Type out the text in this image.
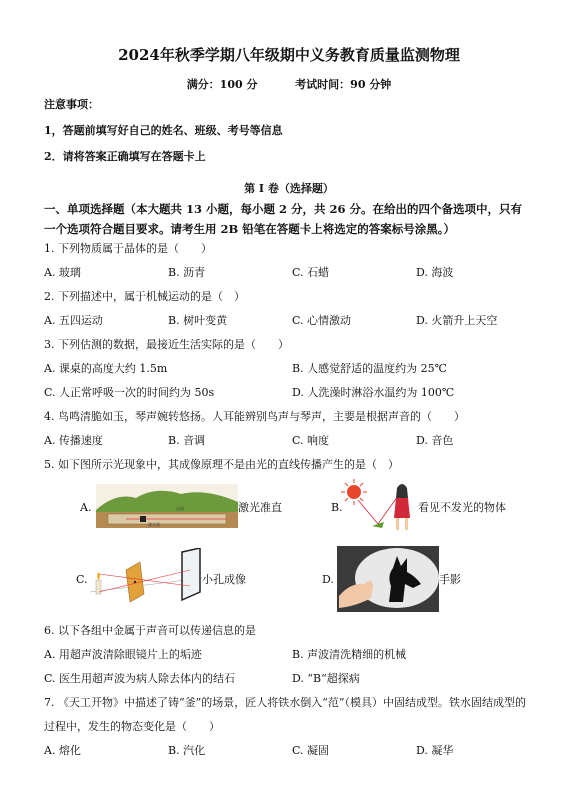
2024年秋季学期八年级期中义务教育质量监测物理
满分：100 分	考试时间：90 分钟
注意事项：
1，答题前填写好自己的姓名、班级、考号等信息
2．请将答案正确填写在答题卡上
第 I 卷（选择题）
一、单项选择题（本大题共 13 小题，每小题 2 分，共 26 分。在给出的四个备选项中，只有
一个选项符合题目要求。请考生用 2B 铅笔在答题卡上将选定的答案标号涂黑。）
1. 下列物质属于晶体的是（　　）
A. 玻璃	B. 沥青	C. 石蜡	D. 海波
2. 下列描述中，属于机械运动的是（　）
A. 五四运动	B. 树叶变黄	C. 心情激动	D. 火箭升上天空
3. 下列估测的数据，最接近生活实际的是（　　）
A. 课桌的高度大约 1.5m	B. 人感觉舒适的温度约为 25℃
C. 人正常呼吸一次的时间约为 50s	D. 人洗澡时淋浴水温约为 100℃
4. 鸟鸣清脆如玉，琴声婉转悠扬。人耳能辨别鸟声与琴声，主要是根据声音的（　　）
A. 传播速度	B. 音调	C. 响度	D. 音色
5. 如下图所示光现象中，其成像原理不是由光的直线传播产生的是（　）
A.	山体
激光器
激光准直	B.	看见不发光的物体
C.	小孔成像	D.	手影
6. 以下各组中金属于声音可以传递信息的是
A. 用超声波清除眼镜片上的垢迹	B. 声波清洗精细的机械
C. 医生用超声波为病人除去体内的结石	D. “B“超探病
7. 《天工开物》中描述了铸“釜”的场景，匠人将铁水倒入“范”（模具）中固结成型。铁水固结成型的
过程中，发生的物态变化是（　　）
A. 熔化	B. 汽化	C. 凝固	D. 凝华
